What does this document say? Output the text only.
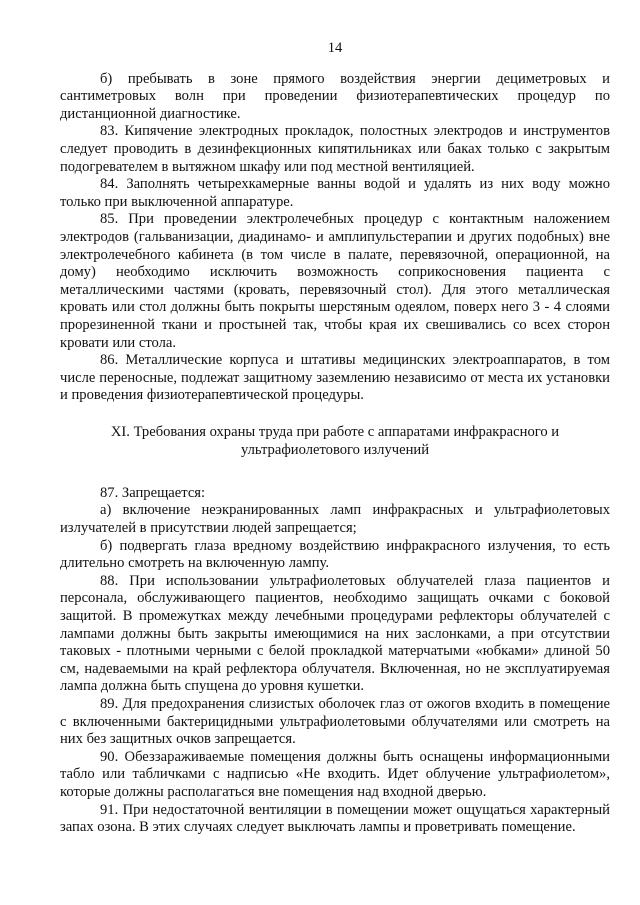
14

б) пребывать в зоне прямого воздействия энергии дециметровых и сантиметровых волн при проведении физиотерапевтических процедур по дистанционной диагностике.

83. Кипячение электродных прокладок, полостных электродов и инструментов следует проводить в дезинфекционных кипятильниках или баках только с закрытым подогревателем в вытяжном шкафу или под местной вентиляцией.

84. Заполнять четырехкамерные ванны водой и удалять из них воду можно только при выключенной аппаратуре.

85. При проведении электролечебных процедур с контактным наложением электродов (гальванизации, диадинамо- и амплипульстерапии и других подобных) вне электролечебного кабинета (в том числе в палате, перевязочной, операционной, на дому) необходимо исключить возможность соприкосновения пациента с металлическими частями (кровать, перевязочный стол). Для этого металлическая кровать или стол должны быть покрыты шерстяным одеялом, поверх него 3 - 4 слоями прорезиненной ткани и простыней так, чтобы края их свешивались со всех сторон кровати или стола.

86. Металлические корпуса и штативы медицинских электроаппаратов, в том числе переносные, подлежат защитному заземлению независимо от места их установки и проведения физиотерапевтической процедуры.

XI. Требования охраны труда при работе с аппаратами инфракрасного и
ультрафиолетового излучений

87. Запрещается:

а) включение неэкранированных ламп инфракрасных и ультрафиолетовых излучателей в присутствии людей запрещается;

б) подвергать глаза вредному воздействию инфракрасного излучения, то есть длительно смотреть на включенную лампу.

88. При использовании ультрафиолетовых облучателей глаза пациентов и персонала, обслуживающего пациентов, необходимо защищать очками с боковой защитой. В промежутках между лечебными процедурами рефлекторы облучателей с лампами должны быть закрыты имеющимися на них заслонками, а при отсутствии таковых - плотными черными с белой прокладкой матерчатыми «юбками» длиной 50 см, надеваемыми на край рефлектора облучателя. Включенная, но не эксплуатируемая лампа должна быть спущена до уровня кушетки.

89. Для предохранения слизистых оболочек глаз от ожогов входить в помещение с включенными бактерицидными ультрафиолетовыми облучателями или смотреть на них без защитных очков запрещается.

90. Обеззараживаемые помещения должны быть оснащены информационными табло или табличками с надписью «Не входить. Идет облучение ультрафиолетом», которые должны располагаться вне помещения над входной дверью.

91. При недостаточной вентиляции в помещении может ощущаться характерный запах озона. В этих случаях следует выключать лампы и проветривать помещение.
